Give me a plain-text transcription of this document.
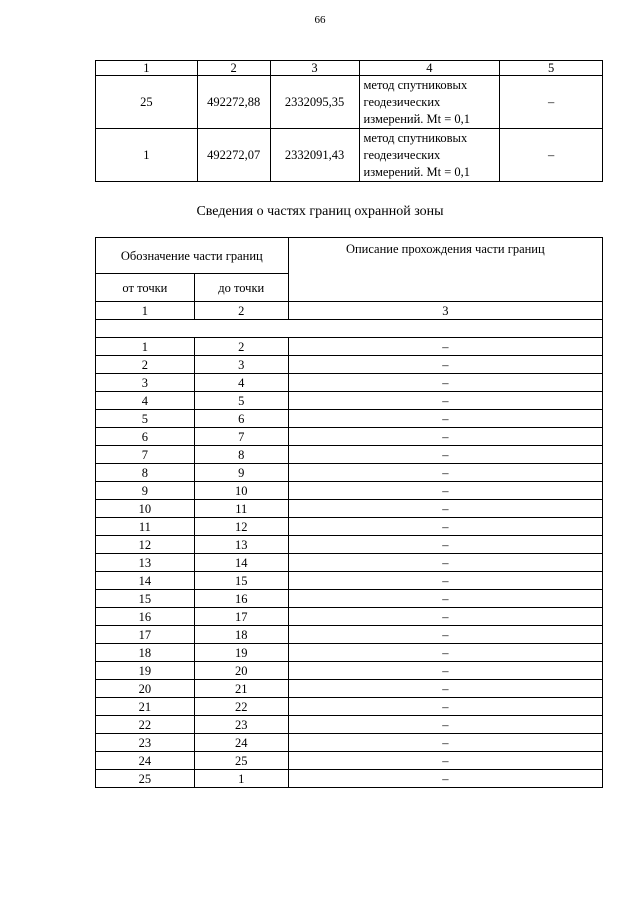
66
1	2	3	4	5
25	492272,88	2332095,35	метод спутниковых
геодезических
измерений. Mt = 0,1	–
1	492272,07	2332091,43	метод спутниковых
геодезических
измерений. Mt = 0,1	–
Сведения о частях границ охранной зоны
Обозначение части границ		Описание прохождения части границ
от точки	до точки	
1	2	3

1	2	–
2	3	–
3	4	–
4	5	–
5	6	–
6	7	–
7	8	–
8	9	–
9	10	–
10	11	–
11	12	–
12	13	–
13	14	–
14	15	–
15	16	–
16	17	–
17	18	–
18	19	–
19	20	–
20	21	–
21	22	–
22	23	–
23	24	–
24	25	–
25	1	–
